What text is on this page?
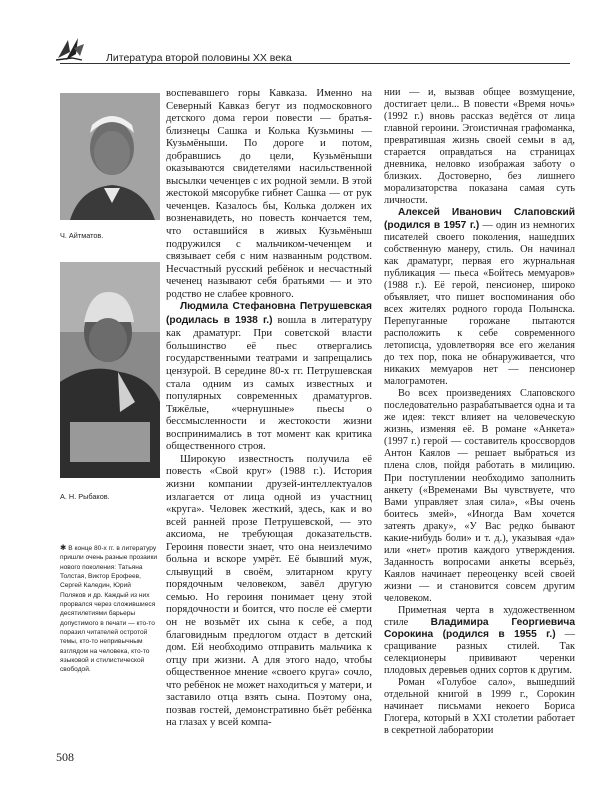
Литература второй половины XX века
Ч. Айтматов.
А. Н. Рыбаков.
✱ В конце 80-х гг. в литературу пришли очень разные прозаики нового поколения: Татьяна Толстая, Виктор Ерофеев, Сергей Каледин, Юрий Поляков и др. Каждый из них прорвался через сложившиеся десятилетиями барьеры допустимого в печати — кто-то поразил читателей остротой темы, кто-то непривычным взглядом на человека, кто-то языковой и стилистической свободой.

воспевавшего горы Кавказа. Именно на Северный Кавказ бегут из подмосковного детского дома герои повести — братья-близнецы Сашка и Колька Кузьмины — Кузьмёныши. По дороге и потом, добравшись до цели, Кузьмёныши оказываются свидетелями насильственной высылки чеченцев с их родной земли. В этой жестокой мясорубке гибнет Сашка — от рук чеченцев. Казалось бы, Колька должен их возненавидеть, но повесть кончается тем, что оставшийся в живых Кузьмёныш подружился с мальчиком-чеченцем и связывает себя с ним названным родством. Несчастный русский ребёнок и несчастный чеченец называют себя братьями — и это родство не слабее кровного.

Людмила Стефановна Петрушевская (родилась в 1938 г.) вошла в литературу как драматург. При советской власти большинство её пьес отвергались государственными театрами и запрещались цензурой. В середине 80-х гг. Петрушевская стала одним из самых известных и популярных современных драматургов. Тяжёлые, «чернушные» пьесы о бессмысленности и жестокости жизни воспринимались в тот момент как критика общественного строя.

Широкую известность получила её повесть «Свой круг» (1988 г.). История жизни компании друзей-интеллектуалов излагается от лица одной из участниц «круга». Человек жесткий, здесь, как и во всей ранней прозе Петрушевской, — это аксиома, не требующая доказательств. Героиня повести знает, что она неизлечимо больна и вскоре умрёт. Её бывший муж, слывущий в своём, элитарном кругу порядочным человеком, завёл другую семью. Но героиня понимает цену этой порядочности и боится, что после её смерти он не возьмёт их сына к себе, а под благовидным предлогом отдаст в детский дом. Ей необходимо отправить мальчика к отцу при жизни. А для этого надо, чтобы общественное мнение «своего круга» сочло, что ребёнок не может находиться у матери, и заставило отца взять сына. Поэтому она, позвав гостей, демонстративно бьёт ребёнка на глазах у всей компа-

нии — и, вызвав общее возмущение, достигает цели... В повести «Время ночь» (1992 г.) вновь рассказ ведётся от лица главной героини. Эгоистичная графоманка, превратившая жизнь своей семьи в ад, старается оправдаться на страницах дневника, неловко изображая заботу о близких. Достоверно, без лишнего морализаторства показана самая суть личности.

Алексей Иванович Слаповский (родился в 1957 г.) — один из немногих писателей своего поколения, нашедших собственную манеру, стиль. Он начинал как драматург, первая его журнальная публикация — пьеса «Бойтесь мемуаров» (1988 г.). Её герой, пенсионер, широко объявляет, что пишет воспоминания обо всех жителях родного города Полынска. Перепуганные горожане пытаются расположить к себе современного летописца, удовлетворяя все его желания до тех пор, пока не обнаруживается, что никаких мемуаров нет — пенсионер малограмотен.

Во всех произведениях Слаповского последовательно разрабатывается одна и та же идея: текст влияет на человеческую жизнь, изменяя её. В романе «Анкета» (1997 г.) герой — составитель кроссвордов Антон Каялов — решает выбраться из плена слов, пойдя работать в милицию. При поступлении необходимо заполнить анкету («Временами Вы чувствуете, что Вами управляет злая сила», «Вы очень боитесь змей», «Иногда Вам хочется затеять драку», «У Вас редко бывают какие-нибудь боли» и т. д.), указывая «да» или «нет» против каждого утверждения. Заданность вопросами анкеты всерьёз, Каялов начинает переоценку всей своей жизни — и становится совсем другим человеком.

Приметная черта в художественном стиле Владимира Георгиевича Сорокина (родился в 1955 г.) — сращивание разных стилей. Так селекционеры прививают черенки плодовых деревьев одних сортов к другим.

Роман «Голубое сало», вышедший отдельной книгой в 1999 г., Сорокин начинает письмами некоего Бориса Глогера, который в XXI столетии работает в секретной лаборатории

508
